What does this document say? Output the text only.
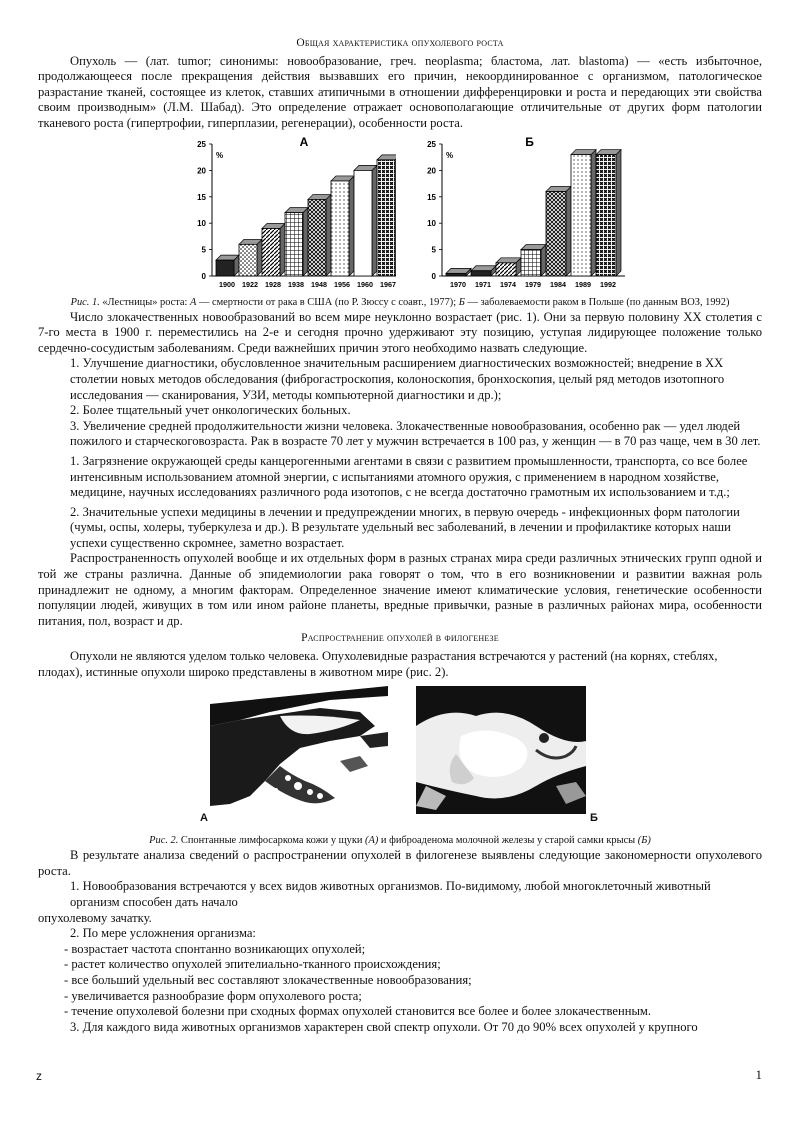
Общая характеристика опухолевого роста

Опухоль — (лат. tumor; синонимы: новообразование, греч. neoplasma; бластома, лат. blastoma) — «есть избыточное, продолжающееся после прекращения действия вызвавших его причин, некоординированное с организмом, патологическое разрастание тканей, состоящее из клеток, ставших атипичными в отношении дифференцировки и роста и передающих эти свойства своим производным» (Л.М. Шабад). Это определение отражает основополагающие отличительные от других форм патологии тканевого роста (гипертрофии, гиперплазии, регенерации), особенности роста.

0
5
10
15
20
25
%
А
1900 1922 1928 1938 1948 1956 1960 1967
0
5
10
15
20
25
%
Б
1970 1971 1974 1979 1984 1989 1992

Рис. 1. «Лестницы» роста: А — смертности от рака в США (по Р. Зюссу с соавт., 1977); Б — заболеваемости раком в Польше (по данным ВОЗ, 1992)

Число злокачественных новообразований во всем мире неуклонно возрастает (рис. 1). Они за первую половину XX столетия с 7-го места в 1900 г. переместились на 2-е и сегодня прочно удерживают эту позицию, уступая лидирующее положение только сердечно-сосудистым заболеваниям. Среди важнейших причин этого необходимо назвать следующие.

1. Улучшение диагностики, обусловленное значительным расширением диагностических возможностей; внедрение в XX столетии новых методов обследования (фиброгастроскопия, колоноскопия, бронхоскопия, целый ряд методов изотопного исследования — сканирования, УЗИ, методы компьютерной диагностики и др.);

2. Более тщательный учет онкологических больных.

3. Увеличение средней продолжительности жизни человека. Злокачественные новообразования, особенно рак — удел людей пожилого и старческоговозраста. Рак в возрасте 70 лет у мужчин встречается в 100 раз, у женщин — в 70 раз чаще, чем в 30 лет.

1. Загрязнение окружающей среды канцерогенными агентами в связи с развитием промышленности, транспорта, со все более интенсивным использованием атомной энергии, с испытаниями атомного оружия, с применением в народном хозяйстве, медицине, научных исследованиях различного рода изотопов, с не всегда достаточно грамотным их использованием и т.д.;

2. Значительные успехи медицины в лечении и предупреждении многих, в первую очередь - инфекционных форм патологии (чумы, оспы, холеры, туберкулеза и др.). В результате удельный вес заболеваний, в лечении и профилактике которых наши успехи существенно скромнее, заметно возрастает.

Распространенность опухолей вообще и их отдельных форм в разных странах мира среди различных этнических групп одной и той же страны различна. Данные об эпидемиологии рака говорят о том, что в его возникновении и развитии важная роль принадлежит не одному, а многим факторам. Определенное значение имеют климатические условия, генетические особенности популяции людей, живущих в том или ином районе планеты, вредные привычки, разные в различных районах мира, особенности питания, пол, возраст и др.

Распространение опухолей в филогенезе

Опухоли не являются уделом только человека. Опухолевидные разрастания встречаются у растений (на корнях, стеблях, плодах), истинные опухоли широко представлены в животном мире (рис. 2).

А	Б

Рис. 2. Спонтанные лимфосаркома кожи у щуки (А) и фиброаденома молочной железы у старой самки крысы (Б)

В результате анализа сведений о распространении опухолей в филогенезе выявлены следующие закономерности опухолевого роста.

1. Новообразования встречаются у всех видов животных организмов. По-видимому, любой многоклеточный животный организм способен дать начало

опухолевому зачатку.

2. По мере усложнения организма:

- возрастает частота спонтанно возникающих опухолей;

- растет количество опухолей эпителиально-тканного происхождения;

- все больший удельный вес составляют злокачественные новообразования;

- увеличивается разнообразие форм опухолевого роста;

- течение опухолевой болезни при сходных формах опухолей становится все более и более злокачественным.

3. Для каждого вида животных организмов характерен свой спектр опухоли. От 70 до 90% всех опухолей у крупного

z	1
